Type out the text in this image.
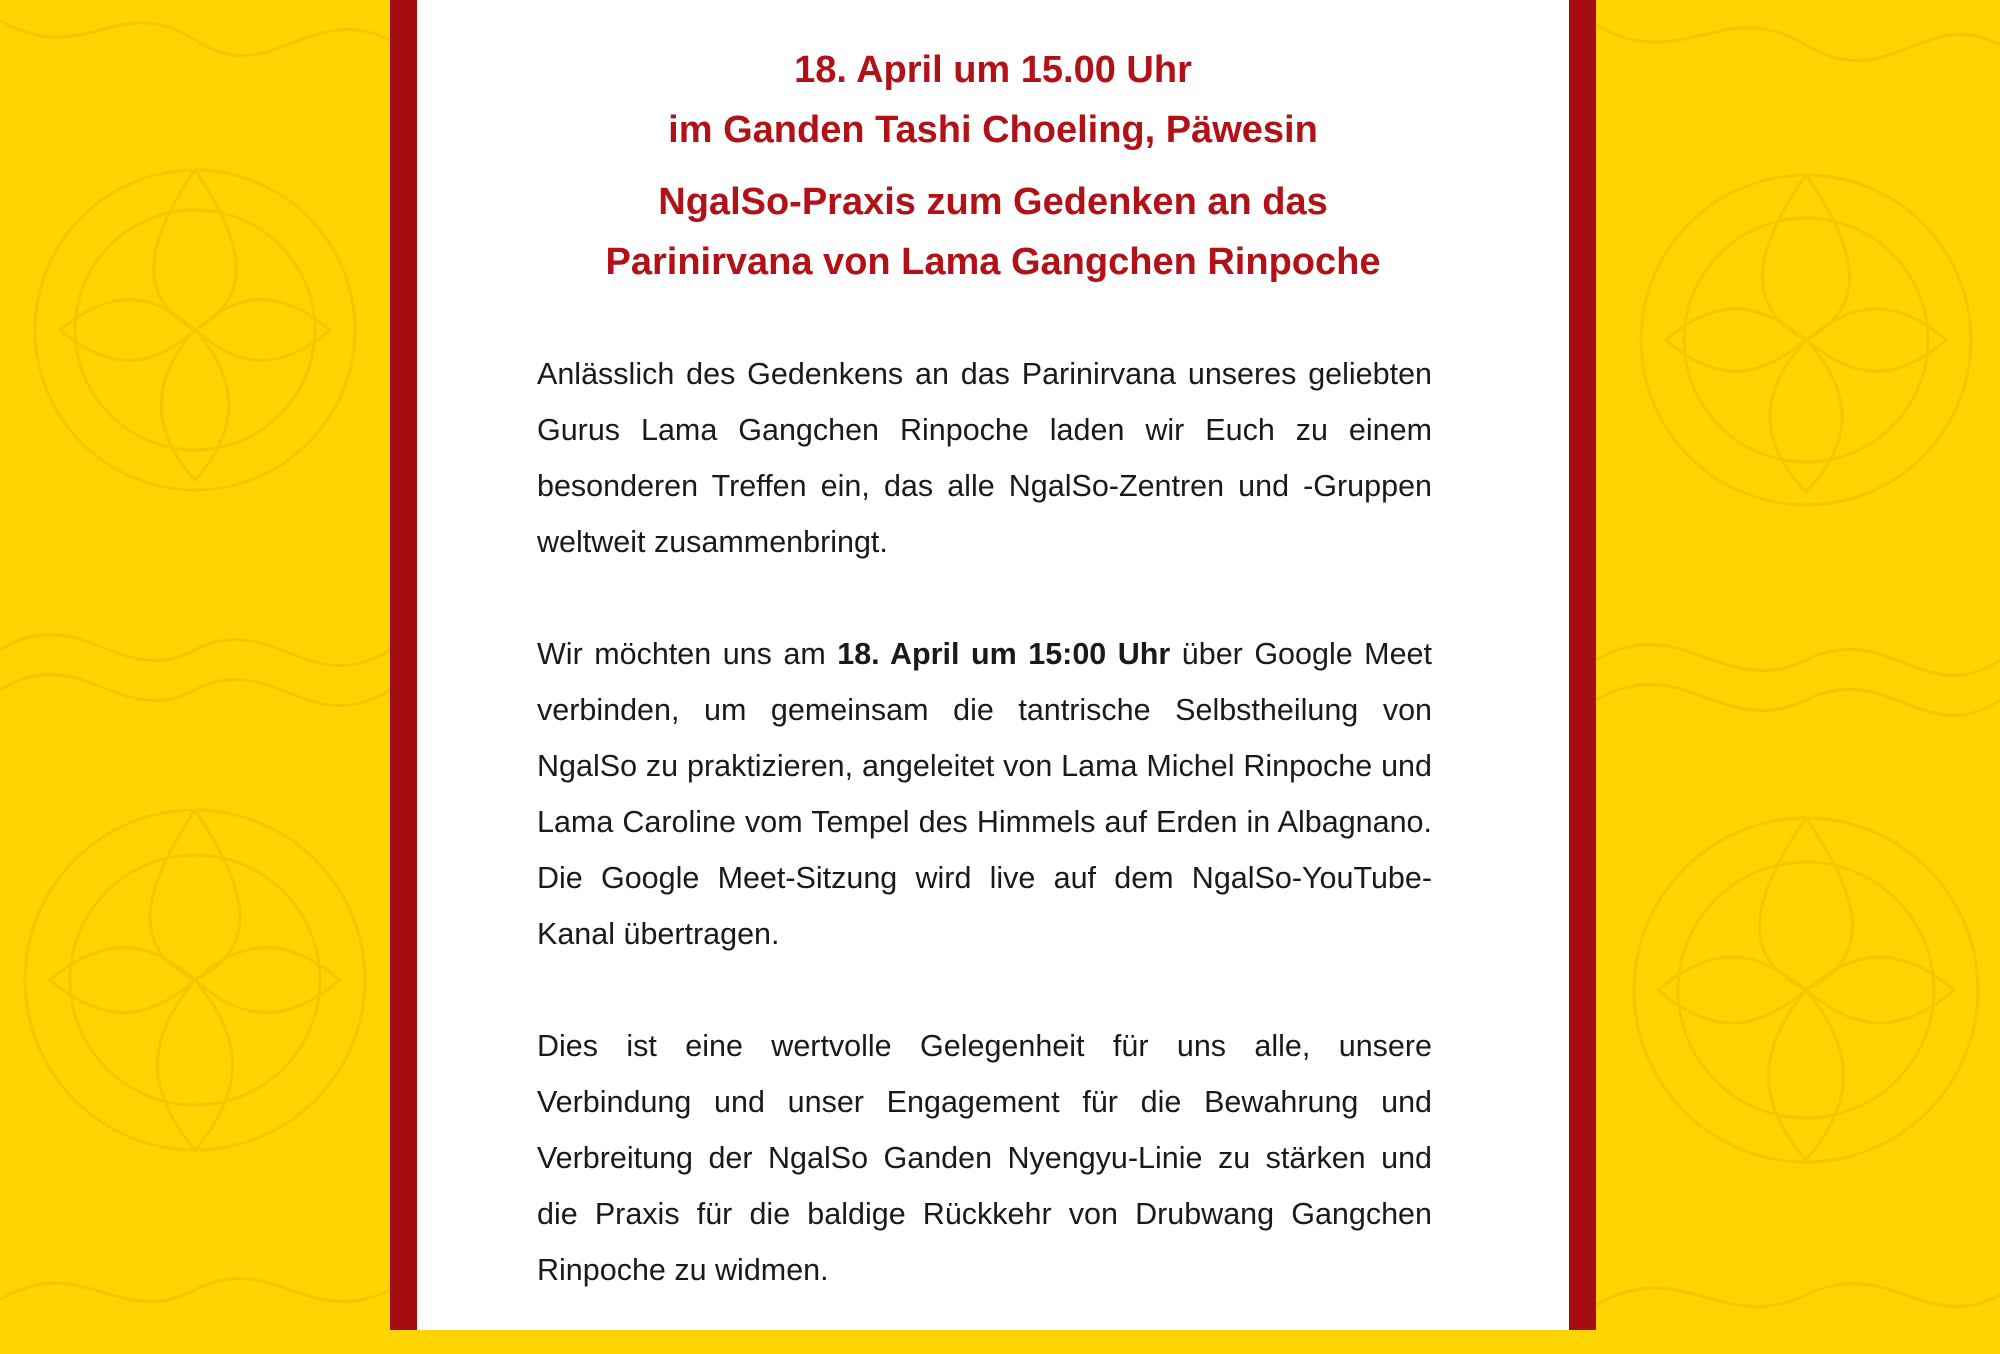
18. April um 15.00 Uhr
im Ganden Tashi Choeling, Päwesin
NgalSo-Praxis zum Gedenken an das
Parinirvana von Lama Gangchen Rinpoche

Anlässlich des Gedenkens an das Parinirvana unseres geliebten Gurus Lama Gangchen Rinpoche laden wir Euch zu einem besonderen Treffen ein, das alle NgalSo-Zentren und -Gruppen weltweit zusammenbringt.

Wir möchten uns am 18. April um 15:00 Uhr über Google Meet verbinden, um gemeinsam die tantrische Selbstheilung von NgalSo zu praktizieren, angeleitet von Lama Michel Rinpoche und Lama Caroline vom Tempel des Himmels auf Erden in Albagnano. Die Google Meet-Sitzung wird live auf dem NgalSo-YouTube-Kanal übertragen.

Dies ist eine wertvolle Gelegenheit für uns alle, unsere Verbindung und unser Engagement für die Bewahrung und Verbreitung der NgalSo Ganden Nyengyu-Linie zu stärken und die Praxis für die baldige Rückkehr von Drubwang Gangchen Rinpoche zu widmen.
